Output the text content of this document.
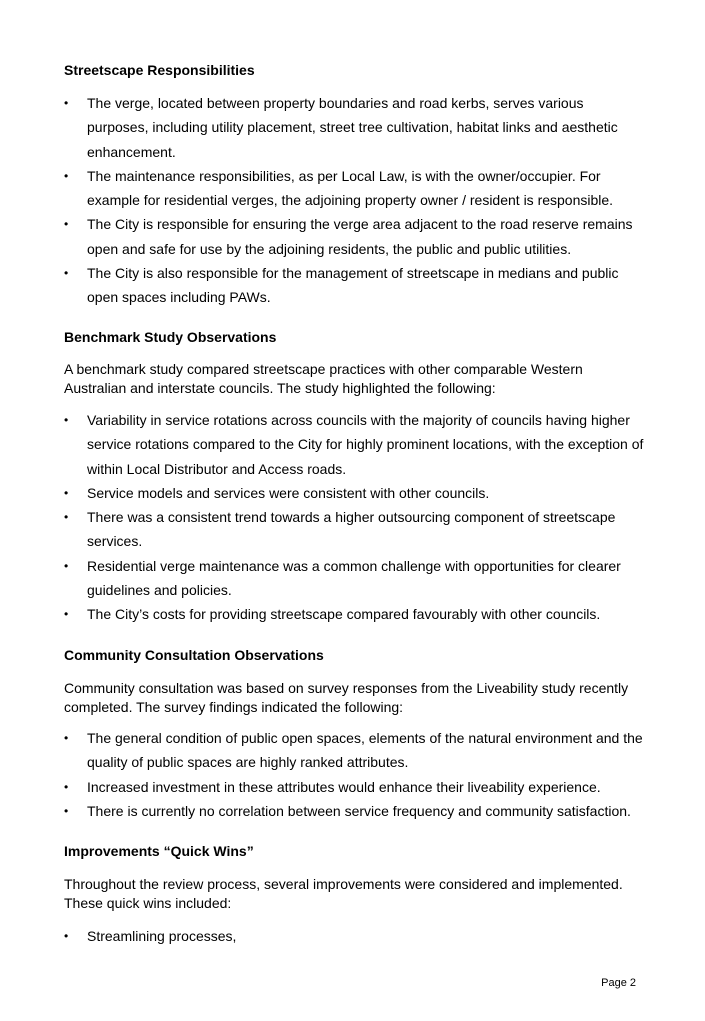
Streetscape Responsibilities
• The verge, located between property boundaries and road kerbs, serves various purposes, including utility placement, street tree cultivation, habitat links and aesthetic enhancement.
• The maintenance responsibilities, as per Local Law, is with the owner/occupier. For example for residential verges, the adjoining property owner / resident is responsible.
• The City is responsible for ensuring the verge area adjacent to the road reserve remains open and safe for use by the adjoining residents, the public and public utilities.
• The City is also responsible for the management of streetscape in medians and public open spaces including PAWs.
Benchmark Study Observations

A benchmark study compared streetscape practices with other comparable Western Australian and interstate councils. The study highlighted the following:

• Variability in service rotations across councils with the majority of councils having higher service rotations compared to the City for highly prominent locations, with the exception of within Local Distributor and Access roads.
• Service models and services were consistent with other councils.
• There was a consistent trend towards a higher outsourcing component of streetscape services.
• Residential verge maintenance was a common challenge with opportunities for clearer guidelines and policies.
• The City’s costs for providing streetscape compared favourably with other councils.
Community Consultation Observations

Community consultation was based on survey responses from the Liveability study recently completed. The survey findings indicated the following:

• The general condition of public open spaces, elements of the natural environment and the quality of public spaces are highly ranked attributes.
• Increased investment in these attributes would enhance their liveability experience.
• There is currently no correlation between service frequency and community satisfaction.
Improvements “Quick Wins”

Throughout the review process, several improvements were considered and implemented. These quick wins included:

• Streamlining processes,
Page 2
